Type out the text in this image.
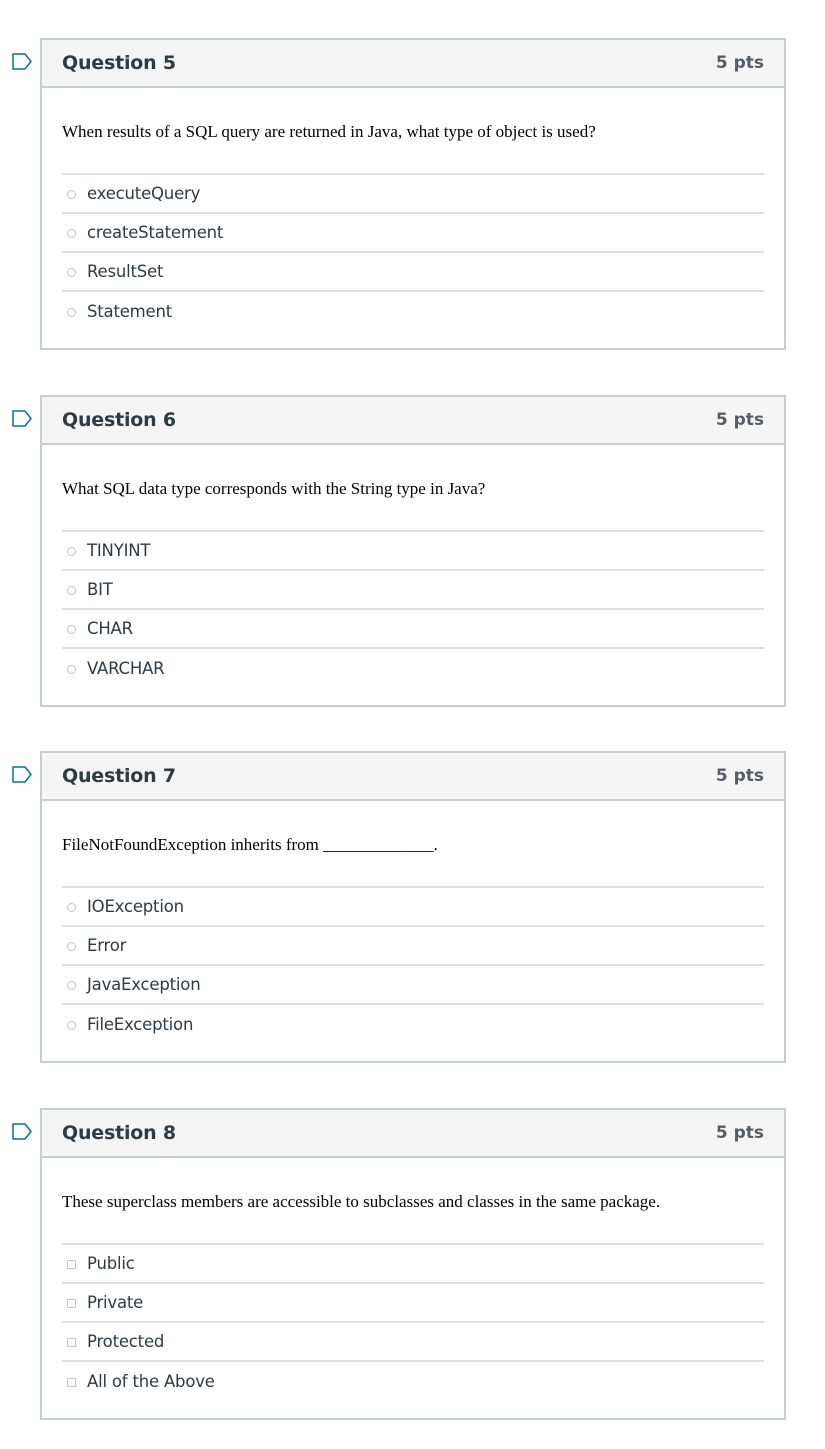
Question 5	5 pts

When results of a SQL query are returned in Java, what type of object is used?

executeQuery
createStatement
ResultSet
Statement
Question 6	5 pts

What SQL data type corresponds with the String type in Java?

TINYINT
BIT
CHAR
VARCHAR
Question 7	5 pts

FileNotFoundException inherits from _____________.

IOException
Error
JavaException
FileException
Question 8	5 pts

These superclass members are accessible to subclasses and classes in the same package.

Public
Private
Protected
All of the Above
